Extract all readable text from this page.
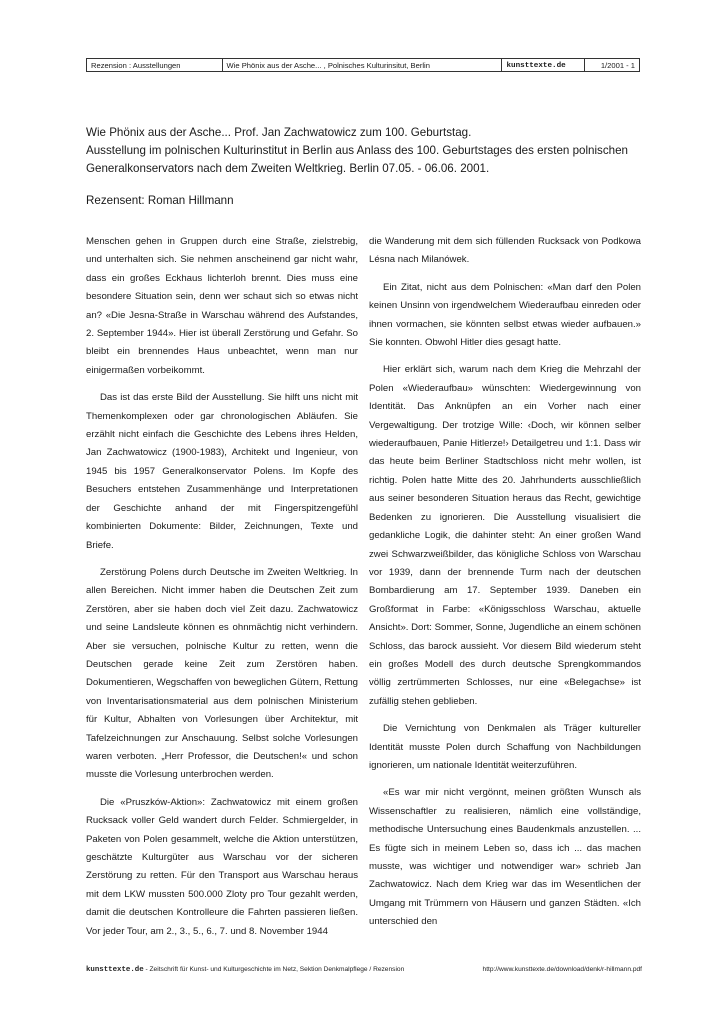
Rezension : Ausstellungen	Wie Phönix aus der Asche... , Polnisches Kulturinsitut, Berlin	kunsttexte.de	1/2001 - 1

Wie Phönix aus der Asche... Prof. Jan Zachwatowicz zum 100. Geburtstag.

Ausstellung im polnischen Kulturinstitut in Berlin aus Anlass des 100. Geburtstages des ersten polnischen Generalkonservators nach dem Zweiten Weltkrieg. Berlin 07.05. - 06.06. 2001.

Rezensent: Roman Hillmann

Menschen gehen in Gruppen durch eine Straße, zielstrebig, und unterhalten sich. Sie nehmen anscheinend gar nicht wahr, dass ein großes Eckhaus lichterloh brennt. Dies muss eine besondere Situation sein, denn wer schaut sich so etwas nicht an? «Die Jesna-Straße in Warschau während des Aufstandes, 2. September 1944». Hier ist überall Zerstörung und Gefahr. So bleibt ein brennendes Haus unbeachtet, wenn man nur einigermaßen vorbeikommt.

Das ist das erste Bild der Ausstellung. Sie hilft uns nicht mit Themenkomplexen oder gar chronologischen Abläufen. Sie erzählt nicht einfach die Geschichte des Lebens ihres Helden, Jan Zachwatowicz (1900-1983), Architekt und Ingenieur, von 1945 bis 1957 Generalkonservator Polens. Im Kopfe des Besuchers entstehen Zusammenhänge und Interpretationen der Geschichte anhand der mit Fingerspitzengefühl kombinierten Dokumente: Bilder, Zeichnungen, Texte und Briefe.

Zerstörung Polens durch Deutsche im Zweiten Weltkrieg. In allen Bereichen. Nicht immer haben die Deutschen Zeit zum Zerstören, aber sie haben doch viel Zeit dazu. Zachwatowicz und seine Landsleute können es ohnmächtig nicht verhindern. Aber sie versuchen, polnische Kultur zu retten, wenn die Deutschen gerade keine Zeit zum Zerstören haben. Dokumentieren, Wegschaffen von beweglichen Gütern, Rettung von Inventarisationsmaterial aus dem polnischen Ministerium für Kultur, Abhalten von Vorlesungen über Architektur, mit Tafelzeichnungen zur Anschauung. Selbst solche Vorlesungen waren verboten. „Herr Professor, die Deutschen!« und schon musste die Vorlesung unterbrochen werden.

Die «Pruszków-Aktion»: Zachwatowicz mit einem großen Rucksack voller Geld wandert durch Felder. Schmiergelder, in Paketen von Polen gesammelt, welche die Aktion unterstützen, geschätzte Kulturgüter aus Warschau vor der sicheren Zerstörung zu retten. Für den Transport aus Warschau heraus mit dem LKW mussten 500.000 Zloty pro Tour gezahlt werden, damit die deutschen Kontrolleure die Fahrten passieren ließen. Vor jeder Tour, am 2., 3., 5., 6., 7. und 8. November 1944

die Wanderung mit dem sich füllenden Rucksack von Podkowa Lésna nach Milanówek.

Ein Zitat, nicht aus dem Polnischen: «Man darf den Polen keinen Unsinn von irgendwelchem Wiederaufbau einreden oder ihnen vormachen, sie könnten selbst etwas wieder aufbauen.» Sie konnten. Obwohl Hitler dies gesagt hatte.

Hier erklärt sich, warum nach dem Krieg die Mehrzahl der Polen «Wiederaufbau» wünschten: Wiedergewinnung von Identität. Das Anknüpfen an ein Vorher nach einer Vergewaltigung. Der trotzige Wille: ‹Doch, wir können selber wiederaufbauen, Panie Hitlerze!› Detailgetreu und 1:1. Dass wir das heute beim Berliner Stadtschloss nicht mehr wollen, ist richtig. Polen hatte Mitte des 20. Jahrhunderts ausschließlich aus seiner besonderen Situation heraus das Recht, gewichtige Bedenken zu ignorieren. Die Ausstellung visualisiert die gedankliche Logik, die dahinter steht: An einer großen Wand zwei Schwarzweißbilder, das königliche Schloss von Warschau vor 1939, dann der brennende Turm nach der deutschen Bombardierung am 17. September 1939. Daneben ein Großformat in Farbe: «Königsschloss Warschau, aktuelle Ansicht». Dort: Sommer, Sonne, Jugendliche an einem schönen Schloss, das barock aussieht. Vor diesem Bild wiederum steht ein großes Modell des durch deutsche Sprengkommandos völlig zertrümmerten Schlosses, nur eine «Belegachse» ist zufällig stehen geblieben.

Die Vernichtung von Denkmalen als Träger kultureller Identität musste Polen durch Schaffung von Nachbildungen ignorieren, um nationale Identität weiterzuführen.

«Es war mir nicht vergönnt, meinen größten Wunsch als Wissenschaftler zu realisieren, nämlich eine vollständige, methodische Untersuchung eines Baudenkmals anzustellen. ... Es fügte sich in meinem Leben so, dass ich ... das machen musste, was wichtiger und notwendiger war» schrieb Jan Zachwatowicz. Nach dem Krieg war das im Wesentlichen der Umgang mit Trümmern von Häusern und ganzen Städten. «Ich unterschied den

kunsttexte.de - Zeitschrift für Kunst- und Kulturgeschichte im Netz, Sektion Denkmalpflege / Rezension	http://www.kunsttexte.de/download/denk/r-hillmann.pdf
